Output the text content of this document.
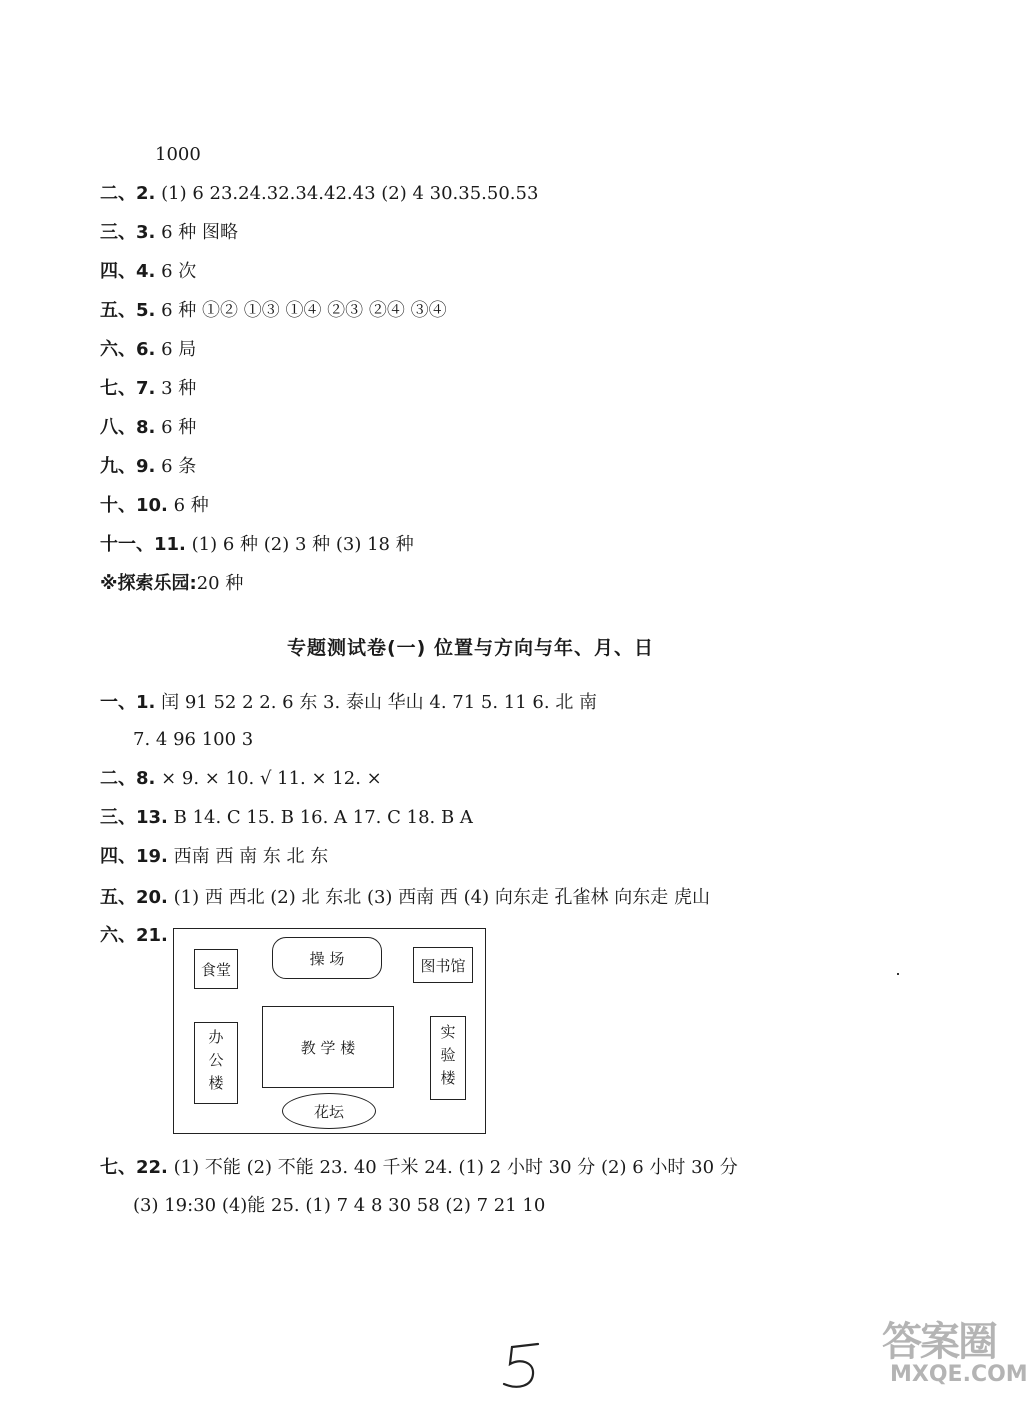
1000
二、2. (1) 6 23.24.32.34.42.43 (2) 4 30.35.50.53
三、3. 6 种 图略
四、4. 6 次
五、5. 6 种 ①② ①③ ①④ ②③ ②④ ③④
六、6. 6 局
七、7. 3 种
八、8. 6 种
九、9. 6 条
十、10. 6 种
十一、11. (1) 6 种 (2) 3 种 (3) 18 种
※探索乐园:20 种
专题测试卷(一) 位置与方向与年、月、日
一、1. 闰 91 52 2 2. 6 东 3. 泰山 华山 4. 71 5. 11 6. 北 南
7. 4 96 100 3
二、8. × 9. × 10. √ 11. × 12. ×
三、13. B 14. C 15. B 16. A 17. C 18. B A
四、19. 西南 西 南 东 北 东
五、20. (1) 西 西北 (2) 北 东北 (3) 西南 西 (4) 向东走 孔雀林 向东走 虎山
六、21.
食堂
操 场	图书馆
办公楼	教 学 楼	实验楼
花坛
七、22. (1) 不能 (2) 不能 23. 40 千米 24. (1) 2 小时 30 分 (2) 6 小时 30 分
(3) 19:30 (4)能 25. (1) 7 4 8 30 58 (2) 7 21 10
答案圈
MXQE.COM
